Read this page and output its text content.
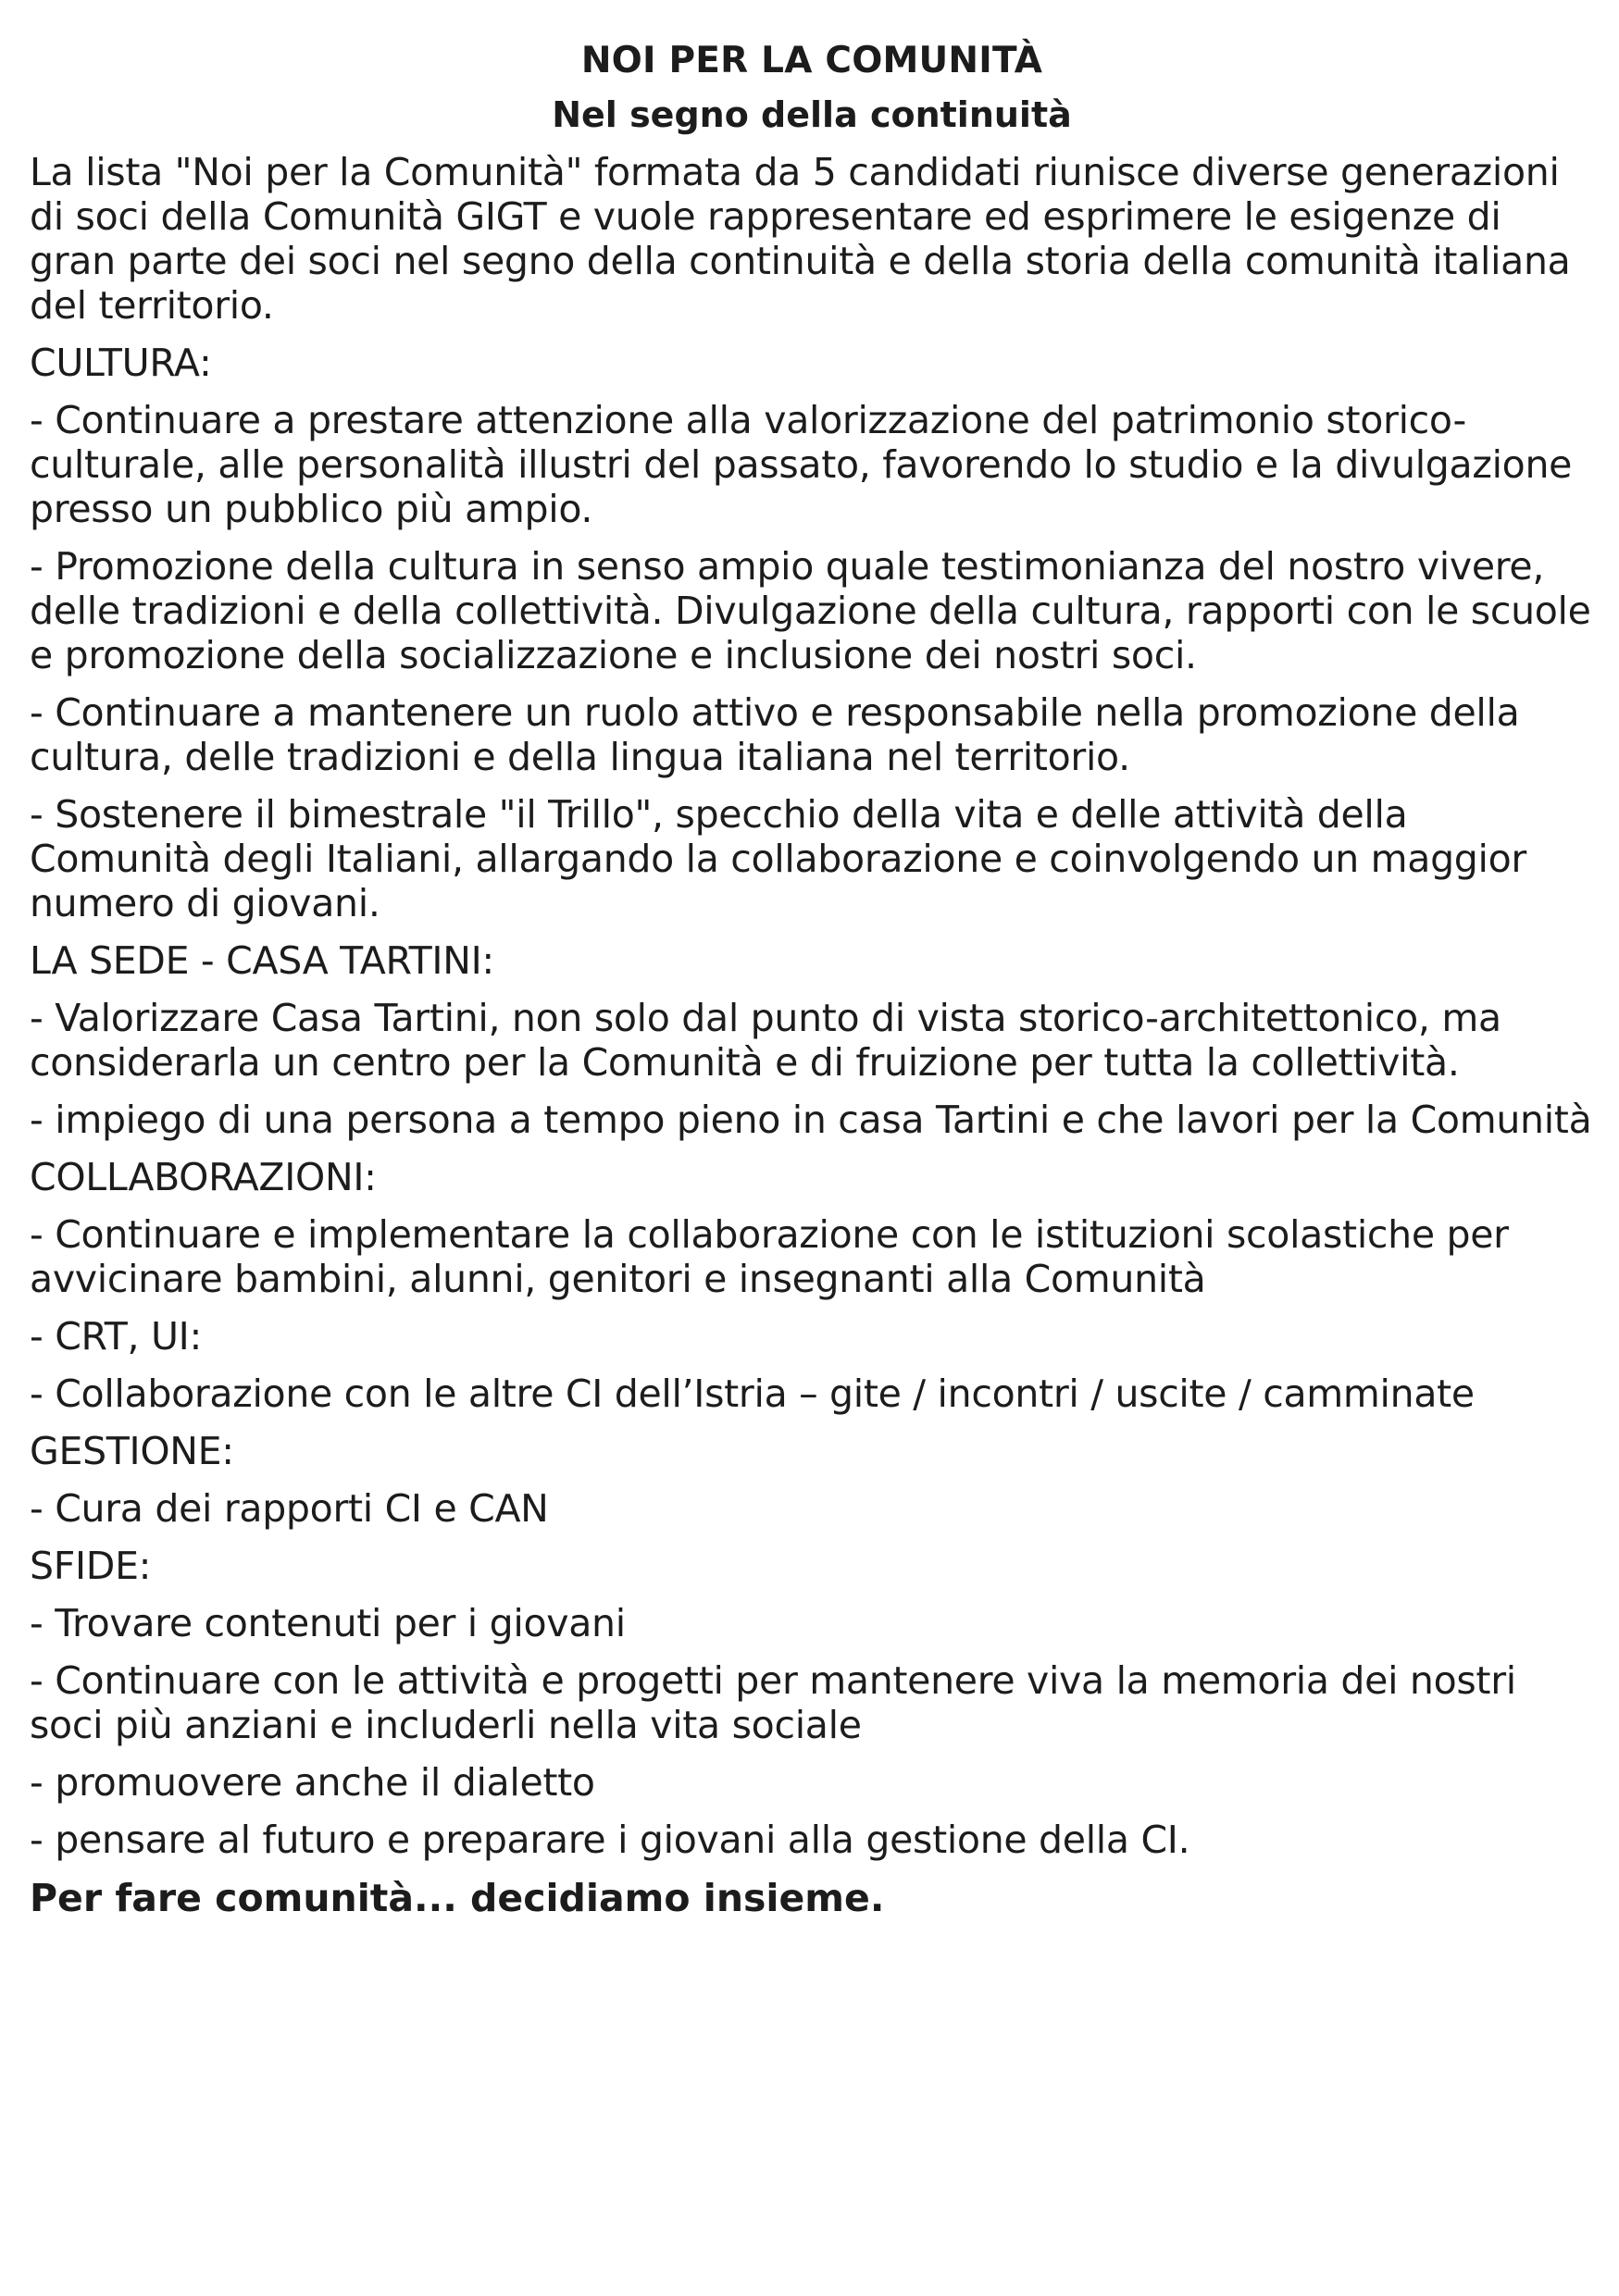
NOI PER LA COMUNITÀ
Nel segno della continuità

La lista "Noi per la Comunità" formata da 5 candidati riunisce diverse generazioni di soci della Comunità GIGT e vuole rappresentare ed esprimere le esigenze di gran parte dei soci nel segno della continuità e della storia della comunità italiana del territorio.

CULTURA:

- Continuare a prestare attenzione alla valorizzazione del patrimonio storico-culturale, alle personalità illustri del passato, favorendo lo studio e la divulgazione presso un pubblico più ampio.

- Promozione della cultura in senso ampio quale testimonianza del nostro vivere, delle tradizioni e della collettività. Divulgazione della cultura, rapporti con le scuole e promozione della socializzazione e inclusione dei nostri soci.

- Continuare a mantenere un ruolo attivo e responsabile nella promozione della cultura, delle tradizioni e della lingua italiana nel territorio.

- Sostenere il bimestrale "il Trillo", specchio della vita e delle attività della Comunità degli Italiani, allargando la collaborazione e coinvolgendo un maggior numero di giovani.

LA SEDE - CASA TARTINI:

- Valorizzare Casa Tartini, non solo dal punto di vista storico-architettonico, ma considerarla un centro per la Comunità e di fruizione per tutta la collettività.

- impiego di una persona a tempo pieno in casa Tartini e che lavori per la Comunità

COLLABORAZIONI:

- Continuare e implementare la collaborazione con le istituzioni scolastiche per avvicinare bambini, alunni, genitori e insegnanti alla Comunità

- CRT, UI:

- Collaborazione con le altre CI dell’Istria – gite / incontri / uscite / camminate

GESTIONE:

- Cura dei rapporti CI e CAN

SFIDE:

- Trovare contenuti per i giovani

- Continuare con le attività e progetti per mantenere viva la memoria dei nostri soci più anziani e includerli nella vita sociale

- promuovere anche il dialetto

- pensare al futuro e preparare i giovani alla gestione della CI.

Per fare comunità... decidiamo insieme.
